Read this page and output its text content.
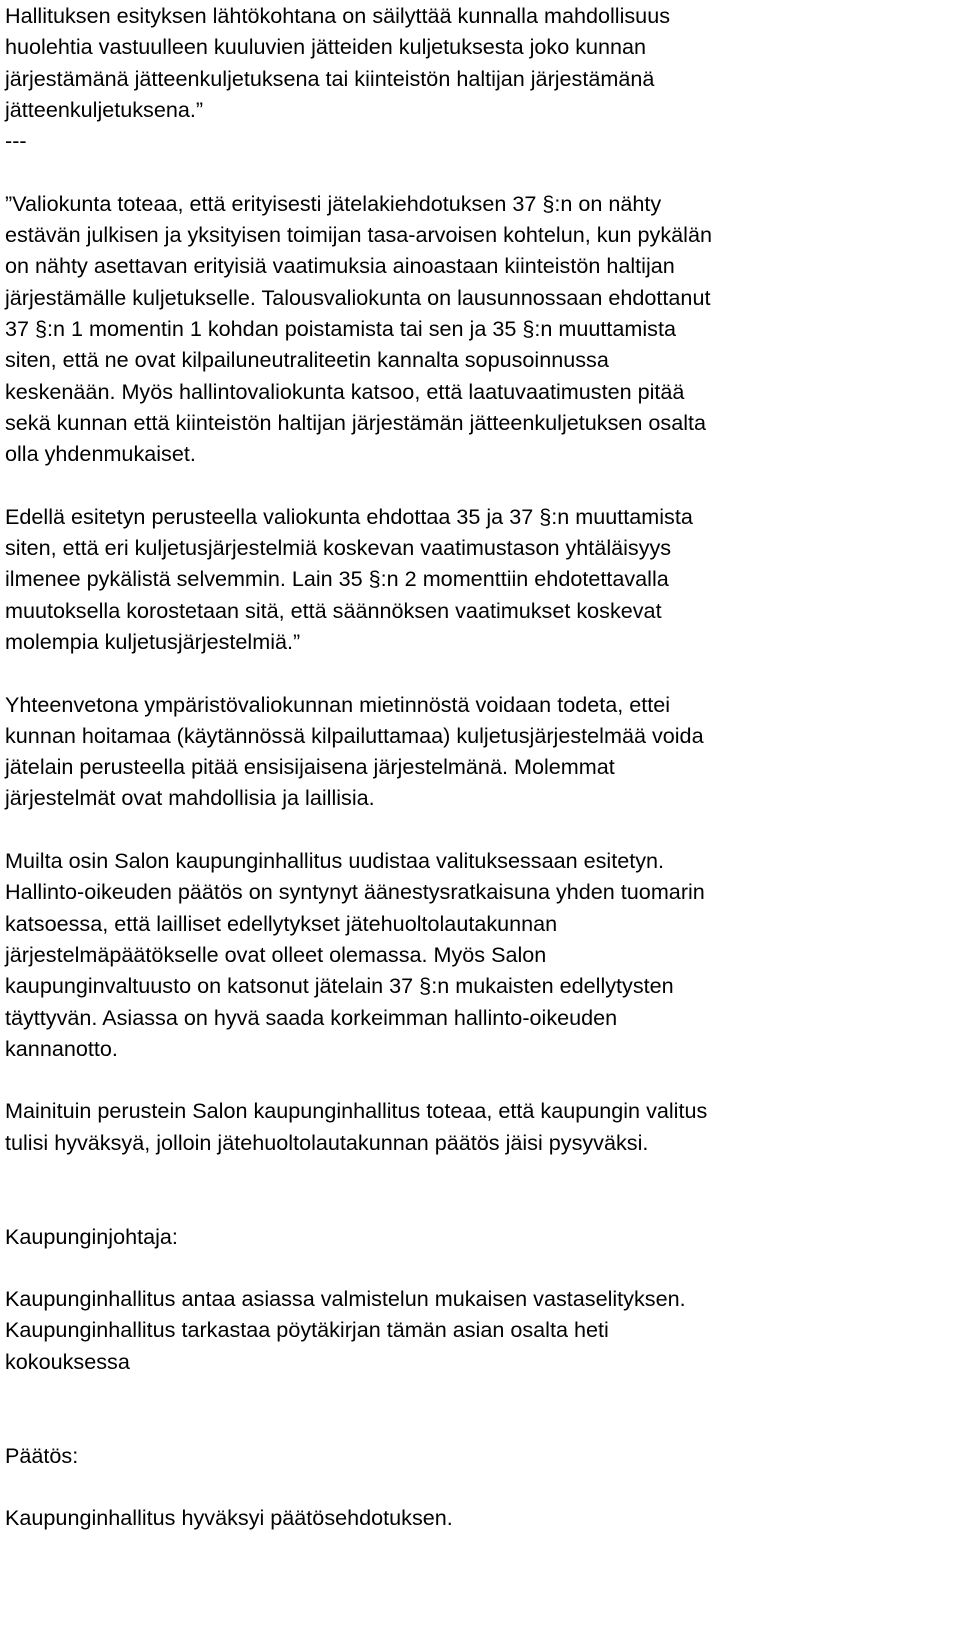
Hallituksen esityksen lähtökohtana on säilyttää kunnalla mahdollisuus
huolehtia vastuulleen kuuluvien jätteiden kuljetuksesta joko kunnan
järjestämänä jätteenkuljetuksena tai kiinteistön haltijan järjestämänä
jätteenkuljetuksena.”
---

”Valiokunta toteaa, että erityisesti jätelakiehdotuksen 37 §:n on nähty
estävän julkisen ja yksityisen toimijan tasa-arvoisen kohtelun, kun pykälän
on nähty asettavan erityisiä vaatimuksia ainoastaan kiinteistön haltijan
järjestämälle kuljetukselle. Talousvaliokunta on lausunnossaan ehdottanut
37 §:n 1 momentin 1 kohdan poistamista tai sen ja 35 §:n muuttamista
siten, että ne ovat kilpailuneutraliteetin kannalta sopusoinnussa
keskenään. Myös hallintovaliokunta katsoo, että laatuvaatimusten pitää
sekä kunnan että kiinteistön haltijan järjestämän jätteenkuljetuksen osalta
olla yhdenmukaiset.
Edellä esitetyn perusteella valiokunta ehdottaa 35 ja 37 §:n muuttamista
siten, että eri kuljetusjärjestelmiä koskevan vaatimustason yhtäläisyys
ilmenee pykälistä selvemmin. Lain 35 §:n 2 momenttiin ehdotettavalla
muutoksella korostetaan sitä, että säännöksen vaatimukset koskevat
molempia kuljetusjärjestelmiä.”
Yhteenvetona ympäristövaliokunnan mietinnöstä voidaan todeta, ettei
kunnan hoitamaa (käytännössä kilpailuttamaa) kuljetusjärjestelmää voida
jätelain perusteella pitää ensisijaisena järjestelmänä. Molemmat
järjestelmät ovat mahdollisia ja laillisia.
Muilta osin Salon kaupunginhallitus uudistaa valituksessaan esitetyn.
Hallinto-oikeuden päätös on syntynyt äänestysratkaisuna yhden tuomarin
katsoessa, että lailliset edellytykset jätehuoltolautakunnan
järjestelmäpäätökselle ovat olleet olemassa. Myös Salon
kaupunginvaltuusto on katsonut jätelain 37 §:n mukaisten edellytysten
täyttyvän. Asiassa on hyvä saada korkeimman hallinto-oikeuden
kannanotto.
Mainituin perustein Salon kaupunginhallitus toteaa, että kaupungin valitus
tulisi hyväksyä, jolloin jätehuoltolautakunnan päätös jäisi pysyväksi.
Kaupunginjohtaja:
Kaupunginhallitus antaa asiassa valmistelun mukaisen vastaselityksen.
Kaupunginhallitus tarkastaa pöytäkirjan tämän asian osalta heti
kokouksessa
Päätös:
Kaupunginhallitus hyväksyi päätösehdotuksen.
